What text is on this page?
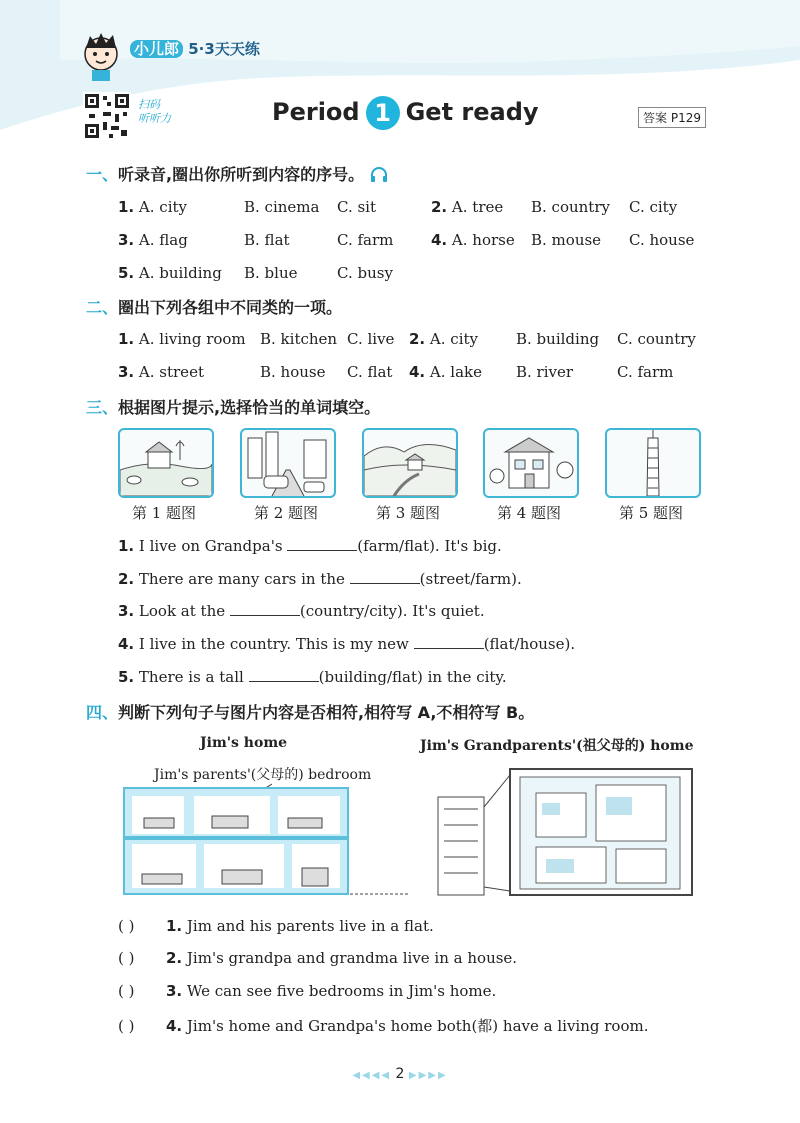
小儿郎 5·3天天练
扫码
听听力	Period 1 Get ready	答案 P129
一、听录音,圈出你所听到内容的序号。
1. A. city	B. cinema C. sit	2. A. tree B. country C. city
3. A. flag	B. flat	C. farm	4. A. horse B. mouse C. house
5. A. building B. blue	C. busy
二、圈出下列各组中不同类的一项。
1. A. living room B. kitchen C. live 2. A. city	B. building C. country
3. A. street	B. house C. flat 4. A. lake B. river	C. farm
三、根据图片提示,选择恰当的单词填空。
第 1 题图	第 2 题图	第 3 题图	第 4 题图	第 5 题图
1. I live on Grandpa's	(farm/flat). It's big.
2. There are many cars in the	(street/farm).
3. Look at the	(country/city). It's quiet.
4. I live in the country. This is my new	(flat/house).
5. There is a tall	(building/flat) in the city.
四、判断下列句子与图片内容是否相符,相符写 A,不相符写 B。
Jim's home
Jim's parents'(父母的) bedroom
Jim's Grandparents'(祖父母的) home
( ) 1. Jim and his parents live in a flat.
( ) 2. Jim's grandpa and grandma live in a house.
( ) 3. We can see five bedrooms in Jim's home.
( ) 4. Jim's home and Grandpa's home both(都) have a living room.
◀◀◀◀ 2 ▶▶▶▶
